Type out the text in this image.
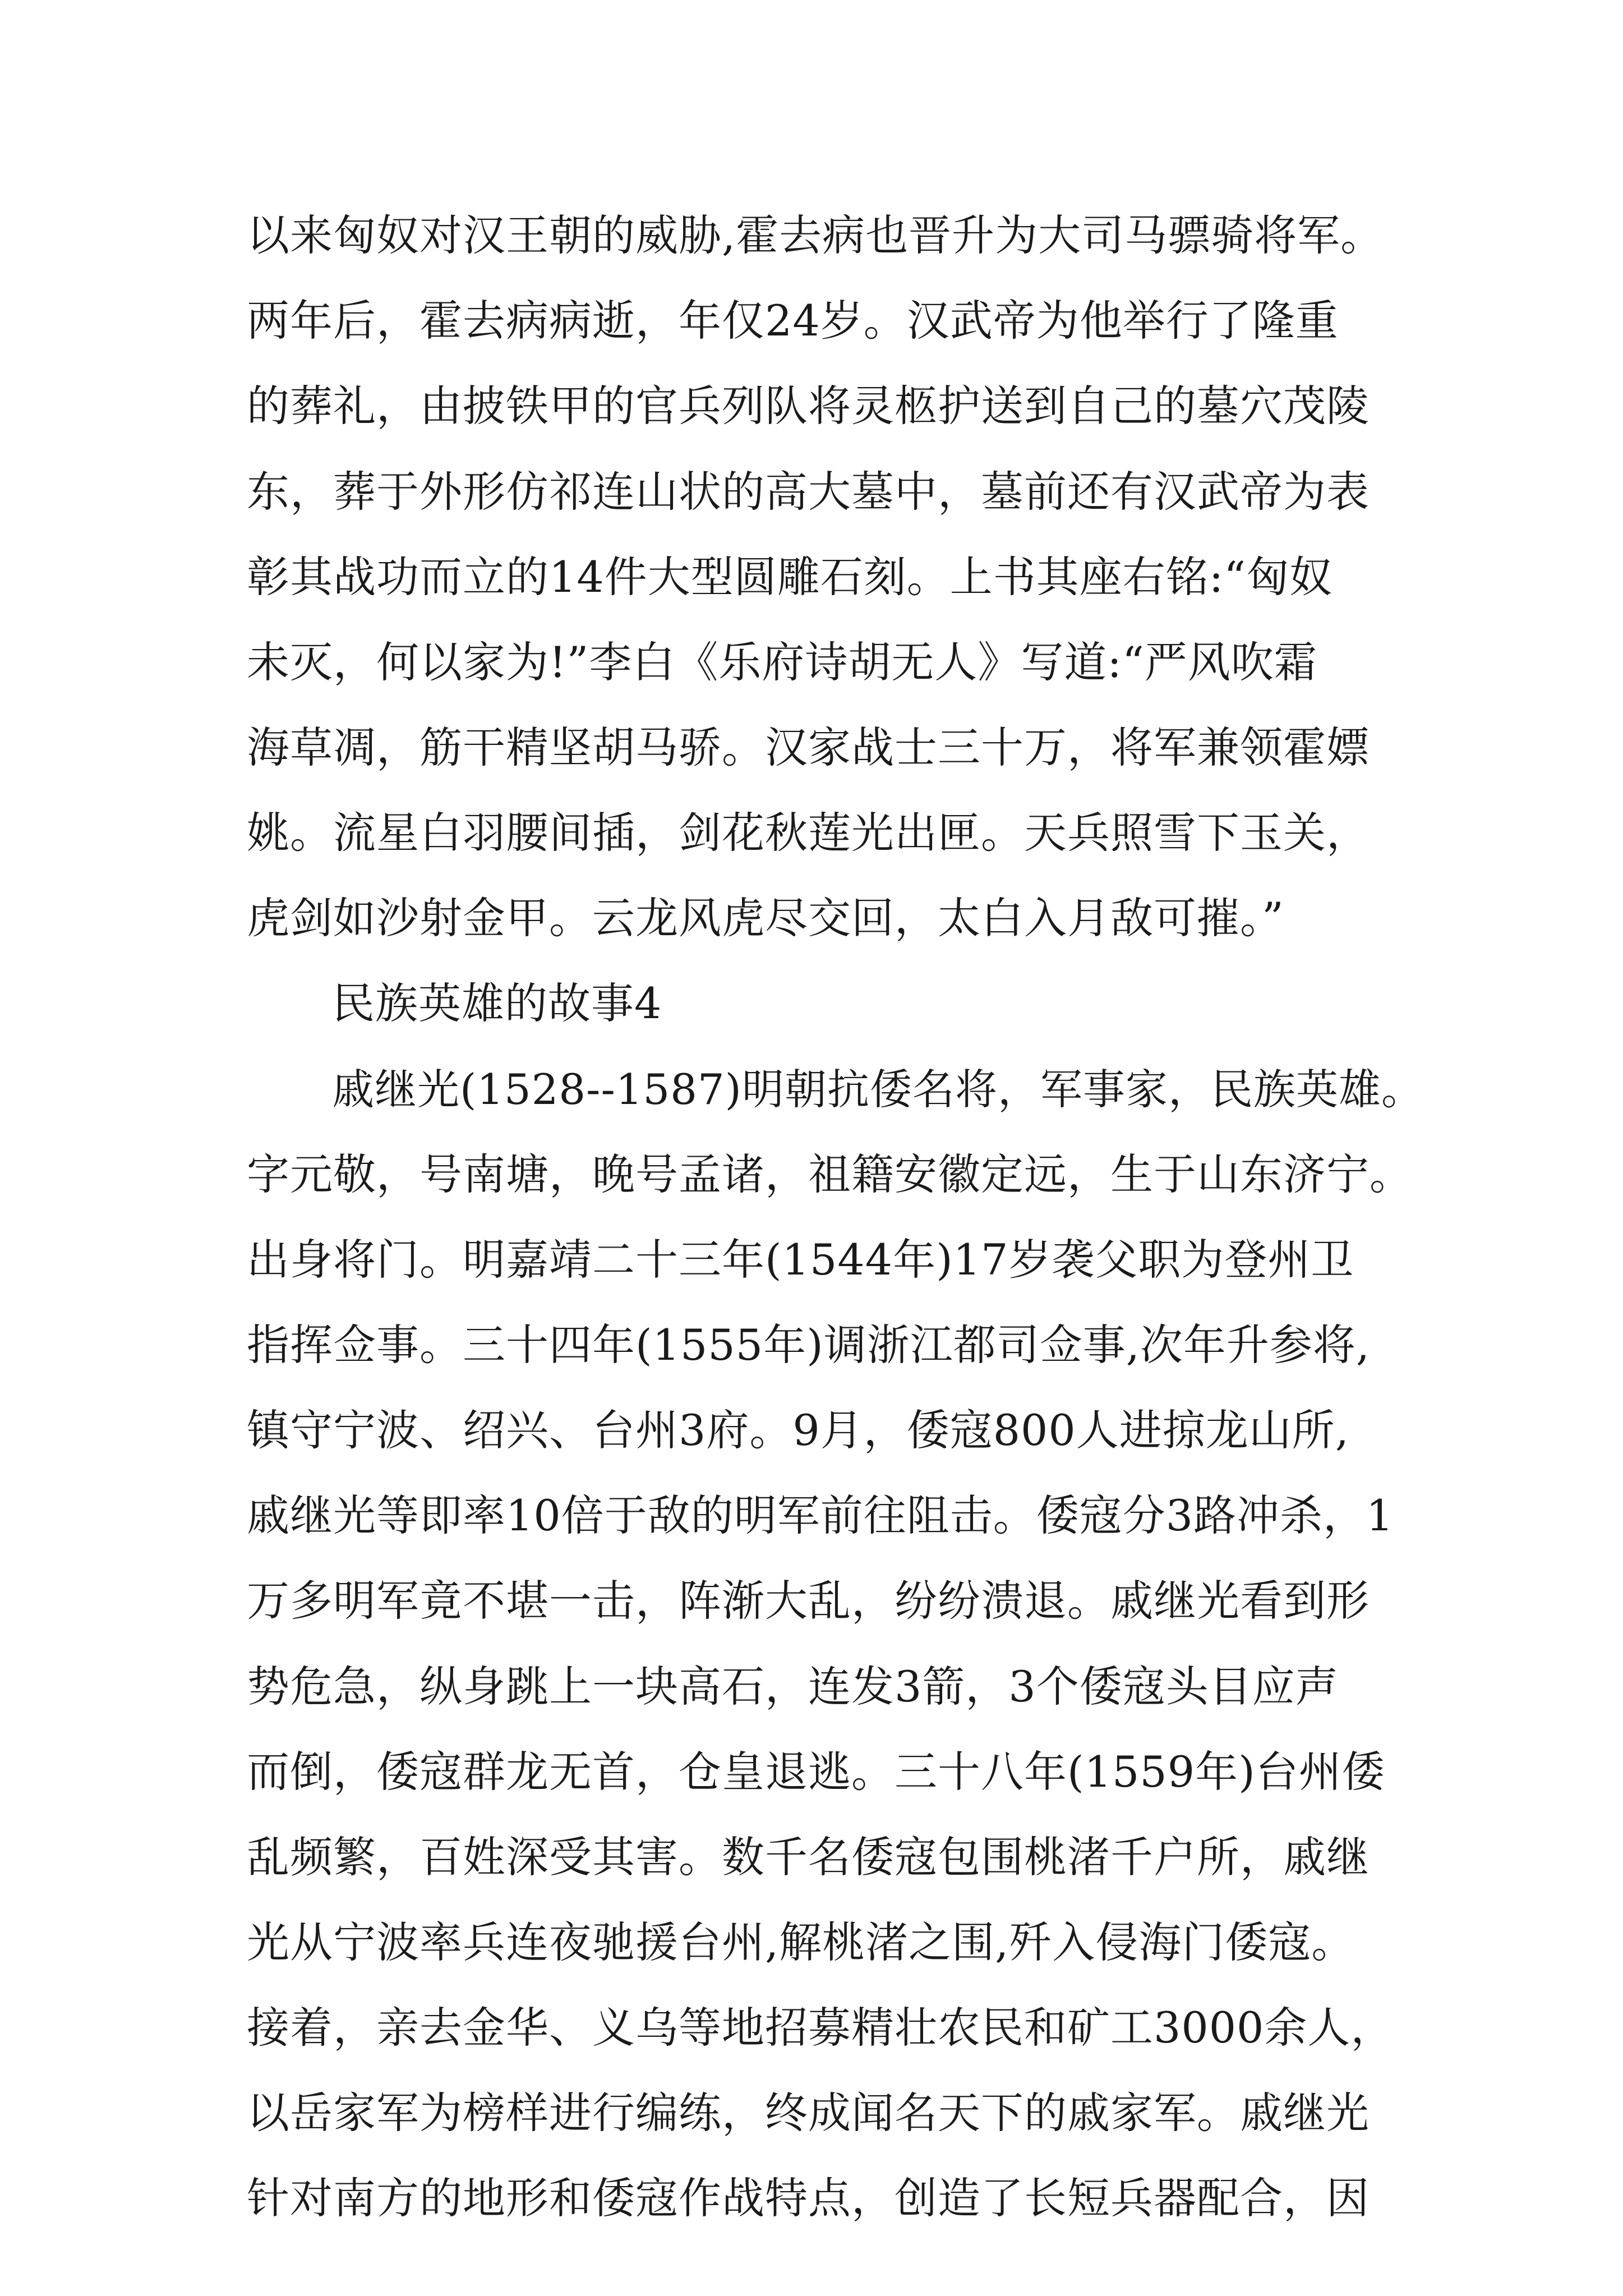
以来匈奴对汉王朝的威胁,霍去病也晋升为大司马骠骑将军。
两年后，霍去病病逝，年仅24岁。汉武帝为他举行了隆重
的葬礼，由披铁甲的官兵列队将灵柩护送到自己的墓穴茂陵
东，葬于外形仿祁连山状的高大墓中，墓前还有汉武帝为表
彰其战功而立的14件大型圆雕石刻。上书其座右铭:“匈奴
未灭，何以家为!”李白《乐府诗胡无人》写道:“严风吹霜
海草凋，筋干精坚胡马骄。汉家战士三十万，将军兼领霍嫖
姚。流星白羽腰间插，剑花秋莲光出匣。天兵照雪下玉关，
虎剑如沙射金甲。云龙风虎尽交回，太白入月敌可摧。”
民族英雄的故事4
戚继光(1528--1587)明朝抗倭名将，军事家，民族英雄。
字元敬，号南塘，晚号孟诸，祖籍安徽定远，生于山东济宁。
出身将门。明嘉靖二十三年(1544年)17岁袭父职为登州卫
指挥佥事。三十四年(1555年)调浙江都司佥事,次年升参将,
镇守宁波、绍兴、台州3府。9月，倭寇800人进掠龙山所,
戚继光等即率10倍于敌的明军前往阻击。倭寇分3路冲杀，1
万多明军竟不堪一击，阵渐大乱，纷纷溃退。戚继光看到形
势危急，纵身跳上一块高石，连发3箭，3个倭寇头目应声
而倒，倭寇群龙无首，仓皇退逃。三十八年(1559年)台州倭
乱频繁，百姓深受其害。数千名倭寇包围桃渚千户所，戚继
光从宁波率兵连夜驰援台州,解桃渚之围,歼入侵海门倭寇。
接着，亲去金华、义乌等地招募精壮农民和矿工3000余人，
以岳家军为榜样进行编练，终成闻名天下的戚家军。戚继光
针对南方的地形和倭寇作战特点，创造了长短兵器配合，因
